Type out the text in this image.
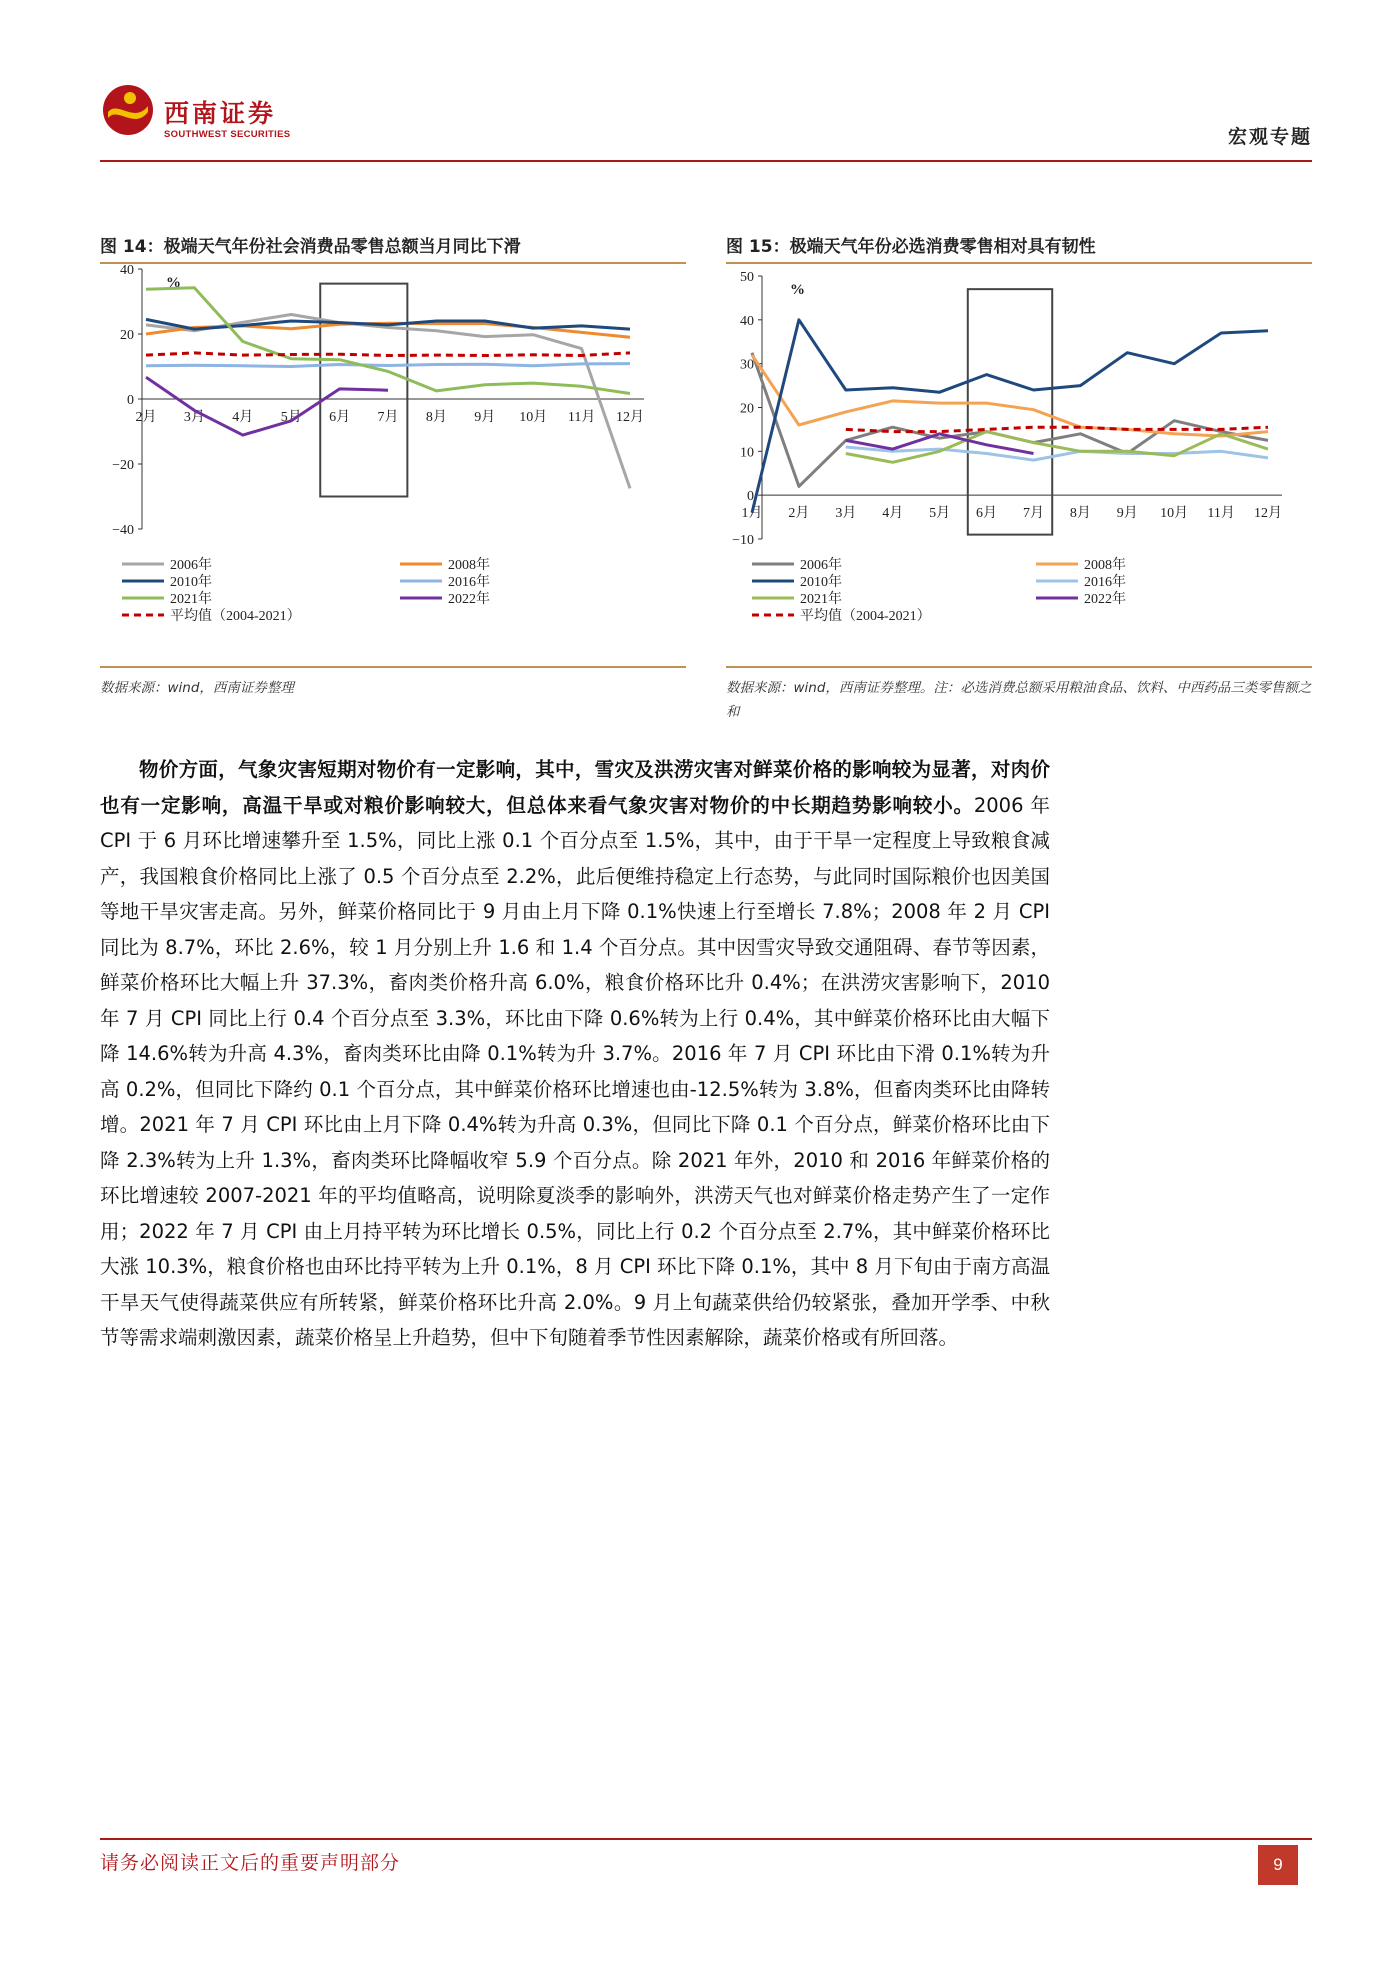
西南证券
SOUTHWEST SECURITIES	宏观专题
图 14：极端天气年份社会消费品零售总额当月同比下滑
−40
−20
0
20
40
%
2月 3月 4月 5月 6月 7月 8月 9月 10月 11月 12月
2006年	2008年
2010年	2016年
2021年	2022年
平均值（2004-2021）
数据来源：wind，西南证券整理
图 15：极端天气年份必选消费零售相对具有韧性
−10
0
10
20
30
40
50
%
1月 2月 3月 4月 5月 6月 7月 8月 9月 10月 11月 12月
2006年	2008年
2010年	2016年
2021年	2022年
平均值（2004-2021）
数据来源：wind，西南证券整理。注：必选消费总额采用粮油食品、饮料、中西药品三类零售额之和

物价方面，气象灾害短期对物价有一定影响，其中，雪灾及洪涝灾害对鲜菜价格的影响较为显著，对肉价也有一定影响，高温干旱或对粮价影响较大，但总体来看气象灾害对物价的中长期趋势影响较小。2006 年 CPI 于 6 月环比增速攀升至 1.5%，同比上涨 0.1 个百分点至 1.5%，其中，由于干旱一定程度上导致粮食减产，我国粮食价格同比上涨了 0.5 个百分点至 2.2%，此后便维持稳定上行态势，与此同时国际粮价也因美国等地干旱灾害走高。另外，鲜菜价格同比于 9 月由上月下降 0.1%快速上行至增长 7.8%；2008 年 2 月 CPI 同比为 8.7%，环比 2.6%，较 1 月分别上升 1.6 和 1.4 个百分点。其中因雪灾导致交通阻碍、春节等因素，鲜菜价格环比大幅上升 37.3%，畜肉类价格升高 6.0%，粮食价格环比升 0.4%；在洪涝灾害影响下，2010 年 7 月 CPI 同比上行 0.4 个百分点至 3.3%，环比由下降 0.6%转为上行 0.4%，其中鲜菜价格环比由大幅下降 14.6%转为升高 4.3%，畜肉类环比由降 0.1%转为升 3.7%。2016 年 7 月 CPI 环比由下滑 0.1%转为升高 0.2%，但同比下降约 0.1 个百分点，其中鲜菜价格环比增速也由-12.5%转为 3.8%，但畜肉类环比由降转增。2021 年 7 月 CPI 环比由上月下降 0.4%转为升高 0.3%，但同比下降 0.1 个百分点，鲜菜价格环比由下降 2.3%转为上升 1.3%，畜肉类环比降幅收窄 5.9 个百分点。除 2021 年外，2010 和 2016 年鲜菜价格的环比增速较 2007-2021 年的平均值略高，说明除夏淡季的影响外，洪涝天气也对鲜菜价格走势产生了一定作用；2022 年 7 月 CPI 由上月持平转为环比增长 0.5%，同比上行 0.2 个百分点至 2.7%，其中鲜菜价格环比大涨 10.3%，粮食价格也由环比持平转为上升 0.1%，8 月 CPI 环比下降 0.1%，其中 8 月下旬由于南方高温干旱天气使得蔬菜供应有所转紧，鲜菜价格环比升高 2.0%。9 月上旬蔬菜供给仍较紧张，叠加开学季、中秋节等需求端刺激因素，蔬菜价格呈上升趋势，但中下旬随着季节性因素解除，蔬菜价格或有所回落。

请务必阅读正文后的重要声明部分	9
